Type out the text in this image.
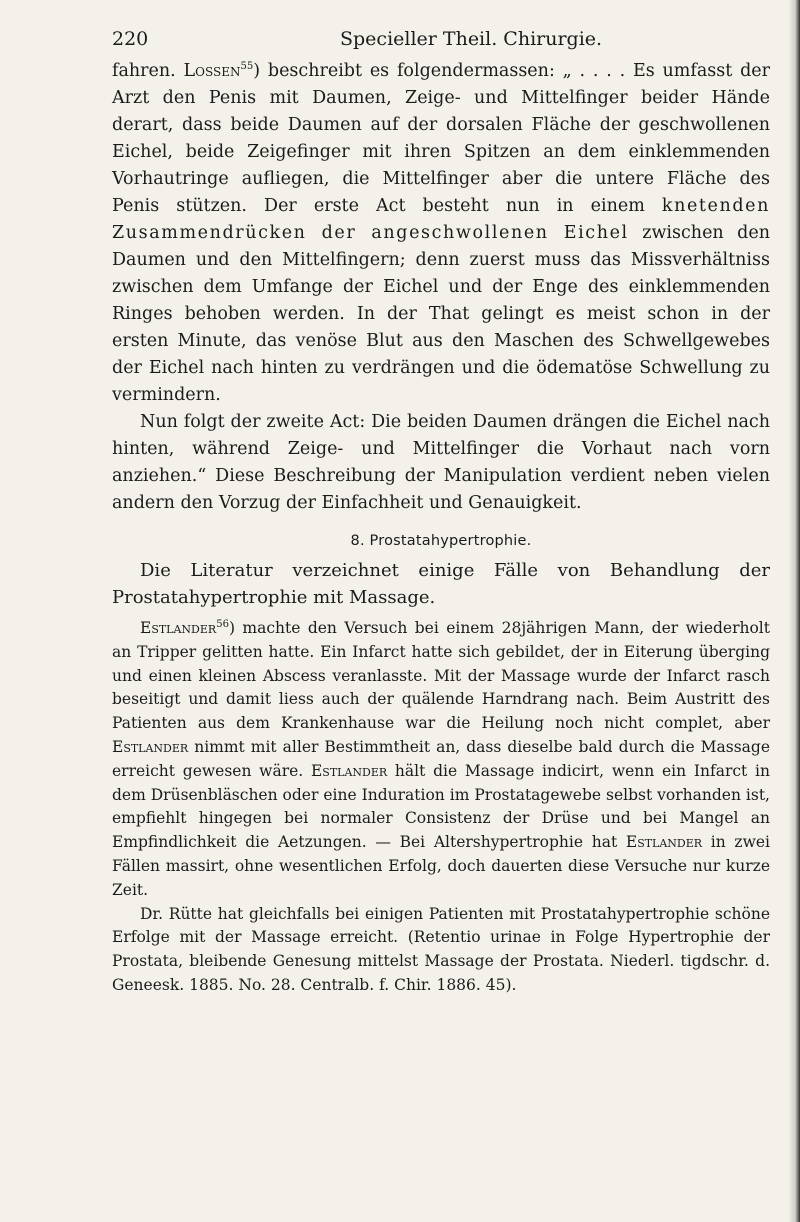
220	Specieller Theil. Chirurgie.

fahren. Lossen$^{55}$) beschreibt es folgendermassen: „ . . . . Es umfasst der Arzt den Penis mit Daumen, Zeige- und Mittelfinger beider Hände derart, dass beide Daumen auf der dorsalen Fläche der geschwollenen Eichel, beide Zeigefinger mit ihren Spitzen an dem einklemmenden Vorhautringe aufliegen, die Mittelfinger aber die untere Fläche des Penis stützen. Der erste Act besteht nun in einem knetenden Zusammendrücken der angeschwollenen Eichel zwischen den Daumen und den Mittelfingern; denn zuerst muss das Missverhältniss zwischen dem Umfange der Eichel und der Enge des einklemmenden Ringes behoben werden. In der That gelingt es meist schon in der ersten Minute, das venöse Blut aus den Maschen des Schwellgewebes der Eichel nach hinten zu verdrängen und die ödematöse Schwellung zu vermindern.

Nun folgt der zweite Act: Die beiden Daumen drängen die Eichel nach hinten, während Zeige- und Mittelfinger die Vorhaut nach vorn anziehen.“ Diese Beschreibung der Manipulation verdient neben vielen andern den Vorzug der Einfachheit und Genauigkeit.

8. Prostatahypertrophie.

Die Literatur verzeichnet einige Fälle von Behandlung der Prostatahypertrophie mit Massage.

Estlander$^{56}$) machte den Versuch bei einem 28jährigen Mann, der wiederholt an Tripper gelitten hatte. Ein Infarct hatte sich gebildet, der in Eiterung überging und einen kleinen Abscess veranlasste. Mit der Massage wurde der Infarct rasch beseitigt und damit liess auch der quälende Harndrang nach. Beim Austritt des Patienten aus dem Krankenhause war die Heilung noch nicht complet, aber Estlander nimmt mit aller Bestimmtheit an, dass dieselbe bald durch die Massage erreicht gewesen wäre. Estlander hält die Massage indicirt, wenn ein Infarct in dem Drüsenbläschen oder eine Induration im Prostatagewebe selbst vorhanden ist, empfiehlt hingegen bei normaler Consistenz der Drüse und bei Mangel an Empfindlichkeit die Aetzungen. — Bei Altershypertrophie hat Estlander in zwei Fällen massirt, ohne wesentlichen Erfolg, doch dauerten diese Versuche nur kurze Zeit.

Dr. Rütte hat gleichfalls bei einigen Patienten mit Prostatahypertrophie schöne Erfolge mit der Massage erreicht. (Retentio urinae in Folge Hypertrophie der Prostata, bleibende Genesung mittelst Massage der Prostata. Niederl. tigdschr. d. Geneesk. 1885. No. 28. Centralb. f. Chir. 1886. 45).
